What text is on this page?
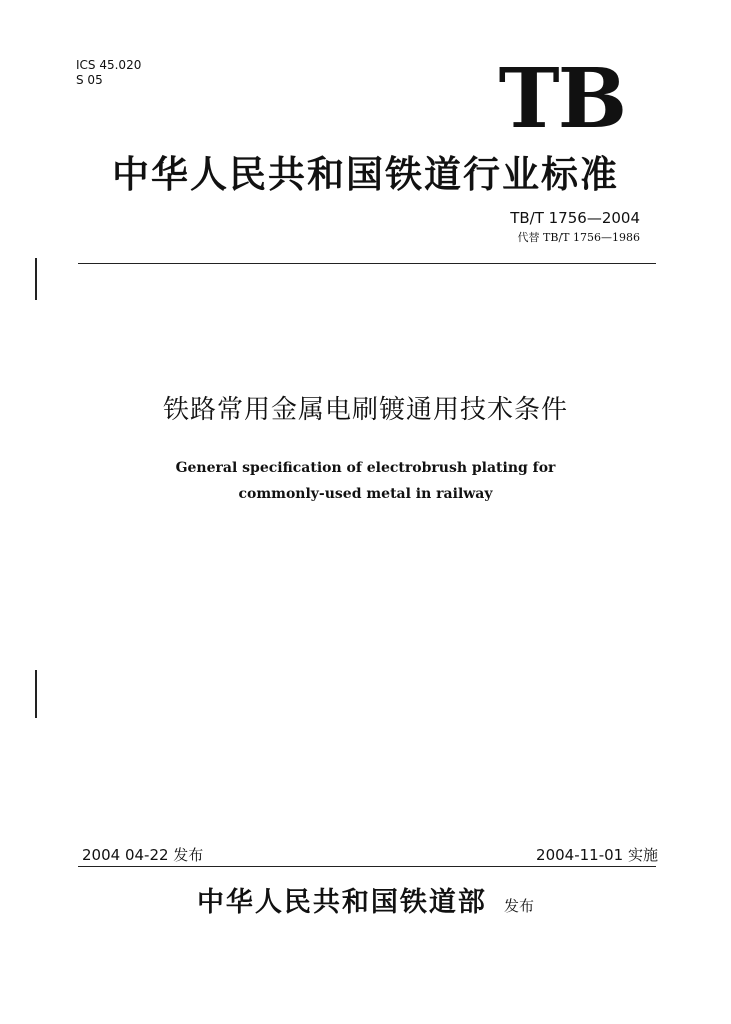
ICS 45.020
S 05	TB
中华人民共和国铁道行业标准
TB/T 1756—2004
代替 TB/T 1756—1986
铁路常用金属电刷镀通用技术条件
General specification of electrobrush plating for
commonly-used metal in railway
2004 04-22 发布	2004-11-01 实施
中华人民共和国铁道部 发布
